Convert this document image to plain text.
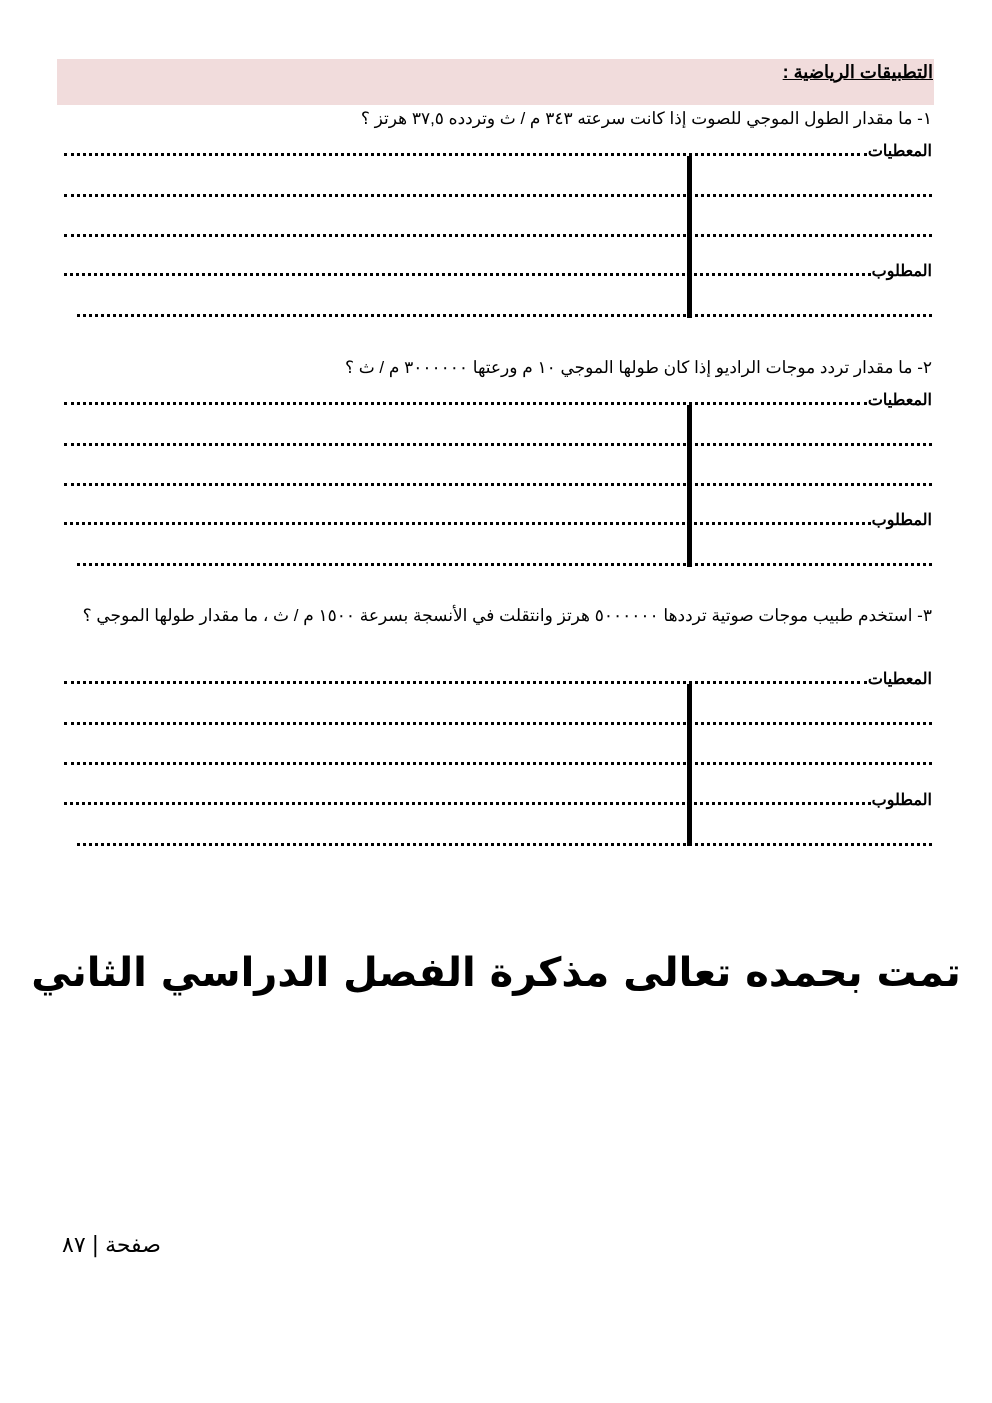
التطبيقات الرياضية :
١- ما مقدار الطول الموجي للصوت إذا كانت سرعته ٣٤٣ م / ث وتردده ٣٧,٥ هرتز ؟
المعطيات
المطلوب
٢- ما مقدار تردد موجات الراديو إذا كان طولها الموجي ١٠ م ورعتها ٣٠٠٠٠٠٠ م / ث ؟
المعطيات
المطلوب
٣- استخدم طبيب موجات صوتية ترددها ٥٠٠٠٠٠٠ هرتز وانتقلت في الأنسجة بسرعة ١٥٠٠ م / ث ، ما مقدار طولها الموجي ؟
المعطيات
المطلوب
تمت بحمده تعالى مذكرة الفصل الدراسي الثاني
صفحة|٨٧
